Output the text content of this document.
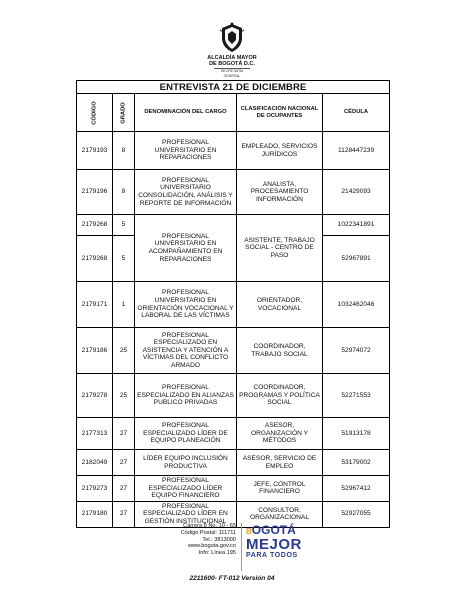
ALCALDÍA MAYOR
DE BOGOTÁ D.C.
SECRETARÍA GENERAL
ENTREVISTA 21 DE DICIEMBRE				

CÓDIGO	GRADO	DENOMINACIÓN DEL CARGO	CLASIFICACIÓN NACIONAL DE OCUPANTES	CÉDULA
2179193	8	PROFESIONAL UNIVERSITARIO EN REPARACIONES	EMPLEADO, SERVICIOS JURÍDICOS	1128447239
2179196	8	PROFESIONAL UNIVERSITARIO CONSOLIDACIÓN, ANÁLISIS Y REPORTE DE INFORMACIÓN	ANALISTA, PROCESAMIENTO INFORMACIÓN	21429093
2179268	5	PROFESIONAL UNIVERSITARIO EN ACOMPAÑAMIENTO EN REPARACIONES	ASISTENTE, TRABAJO SOCIAL - CENTRO DE PASO	1022341891
2179268	5			52967891
2179171	1	PROFESIONAL UNIVERSITARIO EN ORIENTACIÓN VOCACIONAL Y LABORAL DE LAS VÍCTIMAS	ORIENTADOR, VOCACIONAL	1032462046
2179186	25	PROFESIONAL ESPECIALIZADO EN ASISTENCIA Y ATENCIÓN A VÍCTIMAS DEL CONFLICTO ARMADO	COORDINADOR, TRABAJO SOCIAL	52974072
2179278	25	PROFESIONAL ESPECIALIZADO EN ALIANZAS PUBLICO PRIVADAS	COORDINADOR, PROGRAMAS Y POLÍTICA SOCIAL	52271553
2177313	27	PROFESIONAL ESPECIALIZADO LÍDER DE EQUIPO PLANEACIÓN	ASESOR, ORGANIZACIÓN Y MÉTODOS	51913178
2182049	27	LÍDER EQUIPO INCLUSIÓN PRODUCTIVA	ASESOR, SERVICIO DE EMPLEO	53179002
2179273	27	PROFESIONAL ESPECIALIZADO LÍDER EQUIPO FINANCIERO	JEFE, CONTROL FINANCIERO	52967412
2179180	27	PROFESIONAL ESPECIALIZADO LÍDER EN GESTIÓN INSTITUCIONAL	CONSULTOR, ORGANIZACIONAL	52927055
Carrera 8 No. 10 - 65
Código Postal: 111711
Tel.: 3813000
www.bogota.gov.co
Info: Línea 195
BOGOTÁ
MEJOR
PARA TODOS
2211600- FT-012 Versión 04
